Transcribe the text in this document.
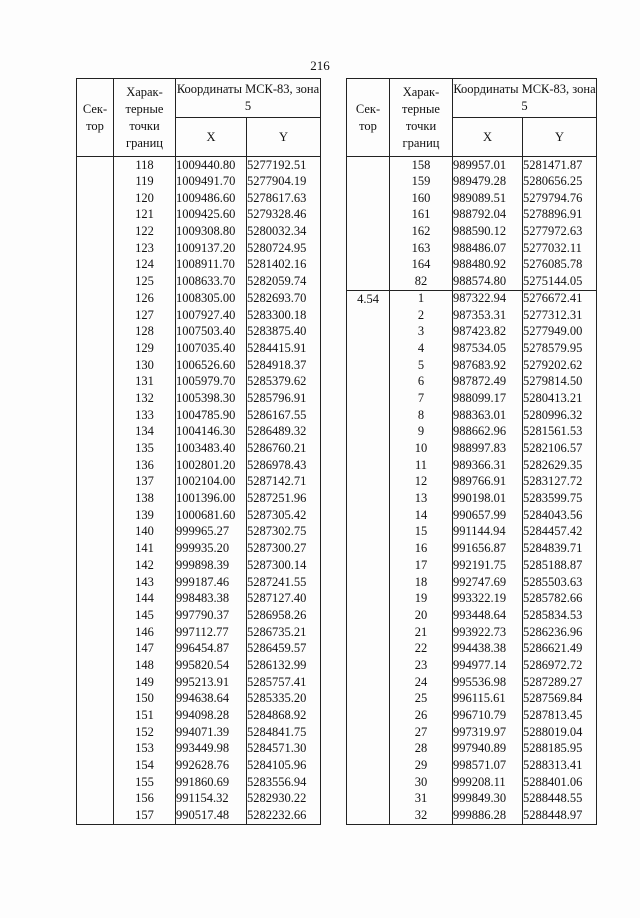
216
Сек-тор	Харак-терные точки границ	Координаты МСК-83, зона 5	
		X	Y
	118	1009440.80	5277192.51
	119	1009491.70	5277904.19
	120	1009486.60	5278617.63
	121	1009425.60	5279328.46
	122	1009308.80	5280032.34
	123	1009137.20	5280724.95
	124	1008911.70	5281402.16
	125	1008633.70	5282059.74
	126	1008305.00	5282693.70
	127	1007927.40	5283300.18
	128	1007503.40	5283875.40
	129	1007035.40	5284415.91
	130	1006526.60	5284918.37
	131	1005979.70	5285379.62
	132	1005398.30	5285796.91
	133	1004785.90	5286167.55
	134	1004146.30	5286489.32
	135	1003483.40	5286760.21
	136	1002801.20	5286978.43
	137	1002104.00	5287142.71
	138	1001396.00	5287251.96
	139	1000681.60	5287305.42
	140	999965.27	5287302.75
	141	999935.20	5287300.27
	142	999898.39	5287300.14
	143	999187.46	5287241.55
	144	998483.38	5287127.40
	145	997790.37	5286958.26
	146	997112.77	5286735.21
	147	996454.87	5286459.57
	148	995820.54	5286132.99
	149	995213.91	5285757.41
	150	994638.64	5285335.20
	151	994098.28	5284868.92
	152	994071.39	5284841.75
	153	993449.98	5284571.30
	154	992628.76	5284105.96
	155	991860.69	5283556.94
	156	991154.32	5282930.22
	157	990517.48	5282232.66
Сек-тор	Харак-терные точки границ	Координаты МСК-83, зона 5	
		X	Y
	158	989957.01	5281471.87
	159	989479.28	5280656.25
	160	989089.51	5279794.76
	161	988792.04	5278896.91
	162	988590.12	5277972.63
	163	988486.07	5277032.11
	164	988480.92	5276085.78
	82	988574.80	5275144.05

4.54	1	987322.94	5276672.41
	2	987353.31	5277312.31
	3	987423.82	5277949.00
	4	987534.05	5278579.95
	5	987683.92	5279202.62
	6	987872.49	5279814.50
	7	988099.17	5280413.21
	8	988363.01	5280996.32
	9	988662.96	5281561.53
	10	988997.83	5282106.57
	11	989366.31	5282629.35
	12	989766.91	5283127.72
	13	990198.01	5283599.75
	14	990657.99	5284043.56
	15	991144.94	5284457.42
	16	991656.87	5284839.71
	17	992191.75	5285188.87
	18	992747.69	5285503.63
	19	993322.19	5285782.66
	20	993448.64	5285834.53
	21	993922.73	5286236.96
	22	994438.38	5286621.49
	23	994977.14	5286972.72
	24	995536.98	5287289.27
	25	996115.61	5287569.84
	26	996710.79	5287813.45
	27	997319.97	5288019.04
	28	997940.89	5288185.95
	29	998571.07	5288313.41
	30	999208.11	5288401.06
	31	999849.30	5288448.55
	32	999886.28	5288448.97
